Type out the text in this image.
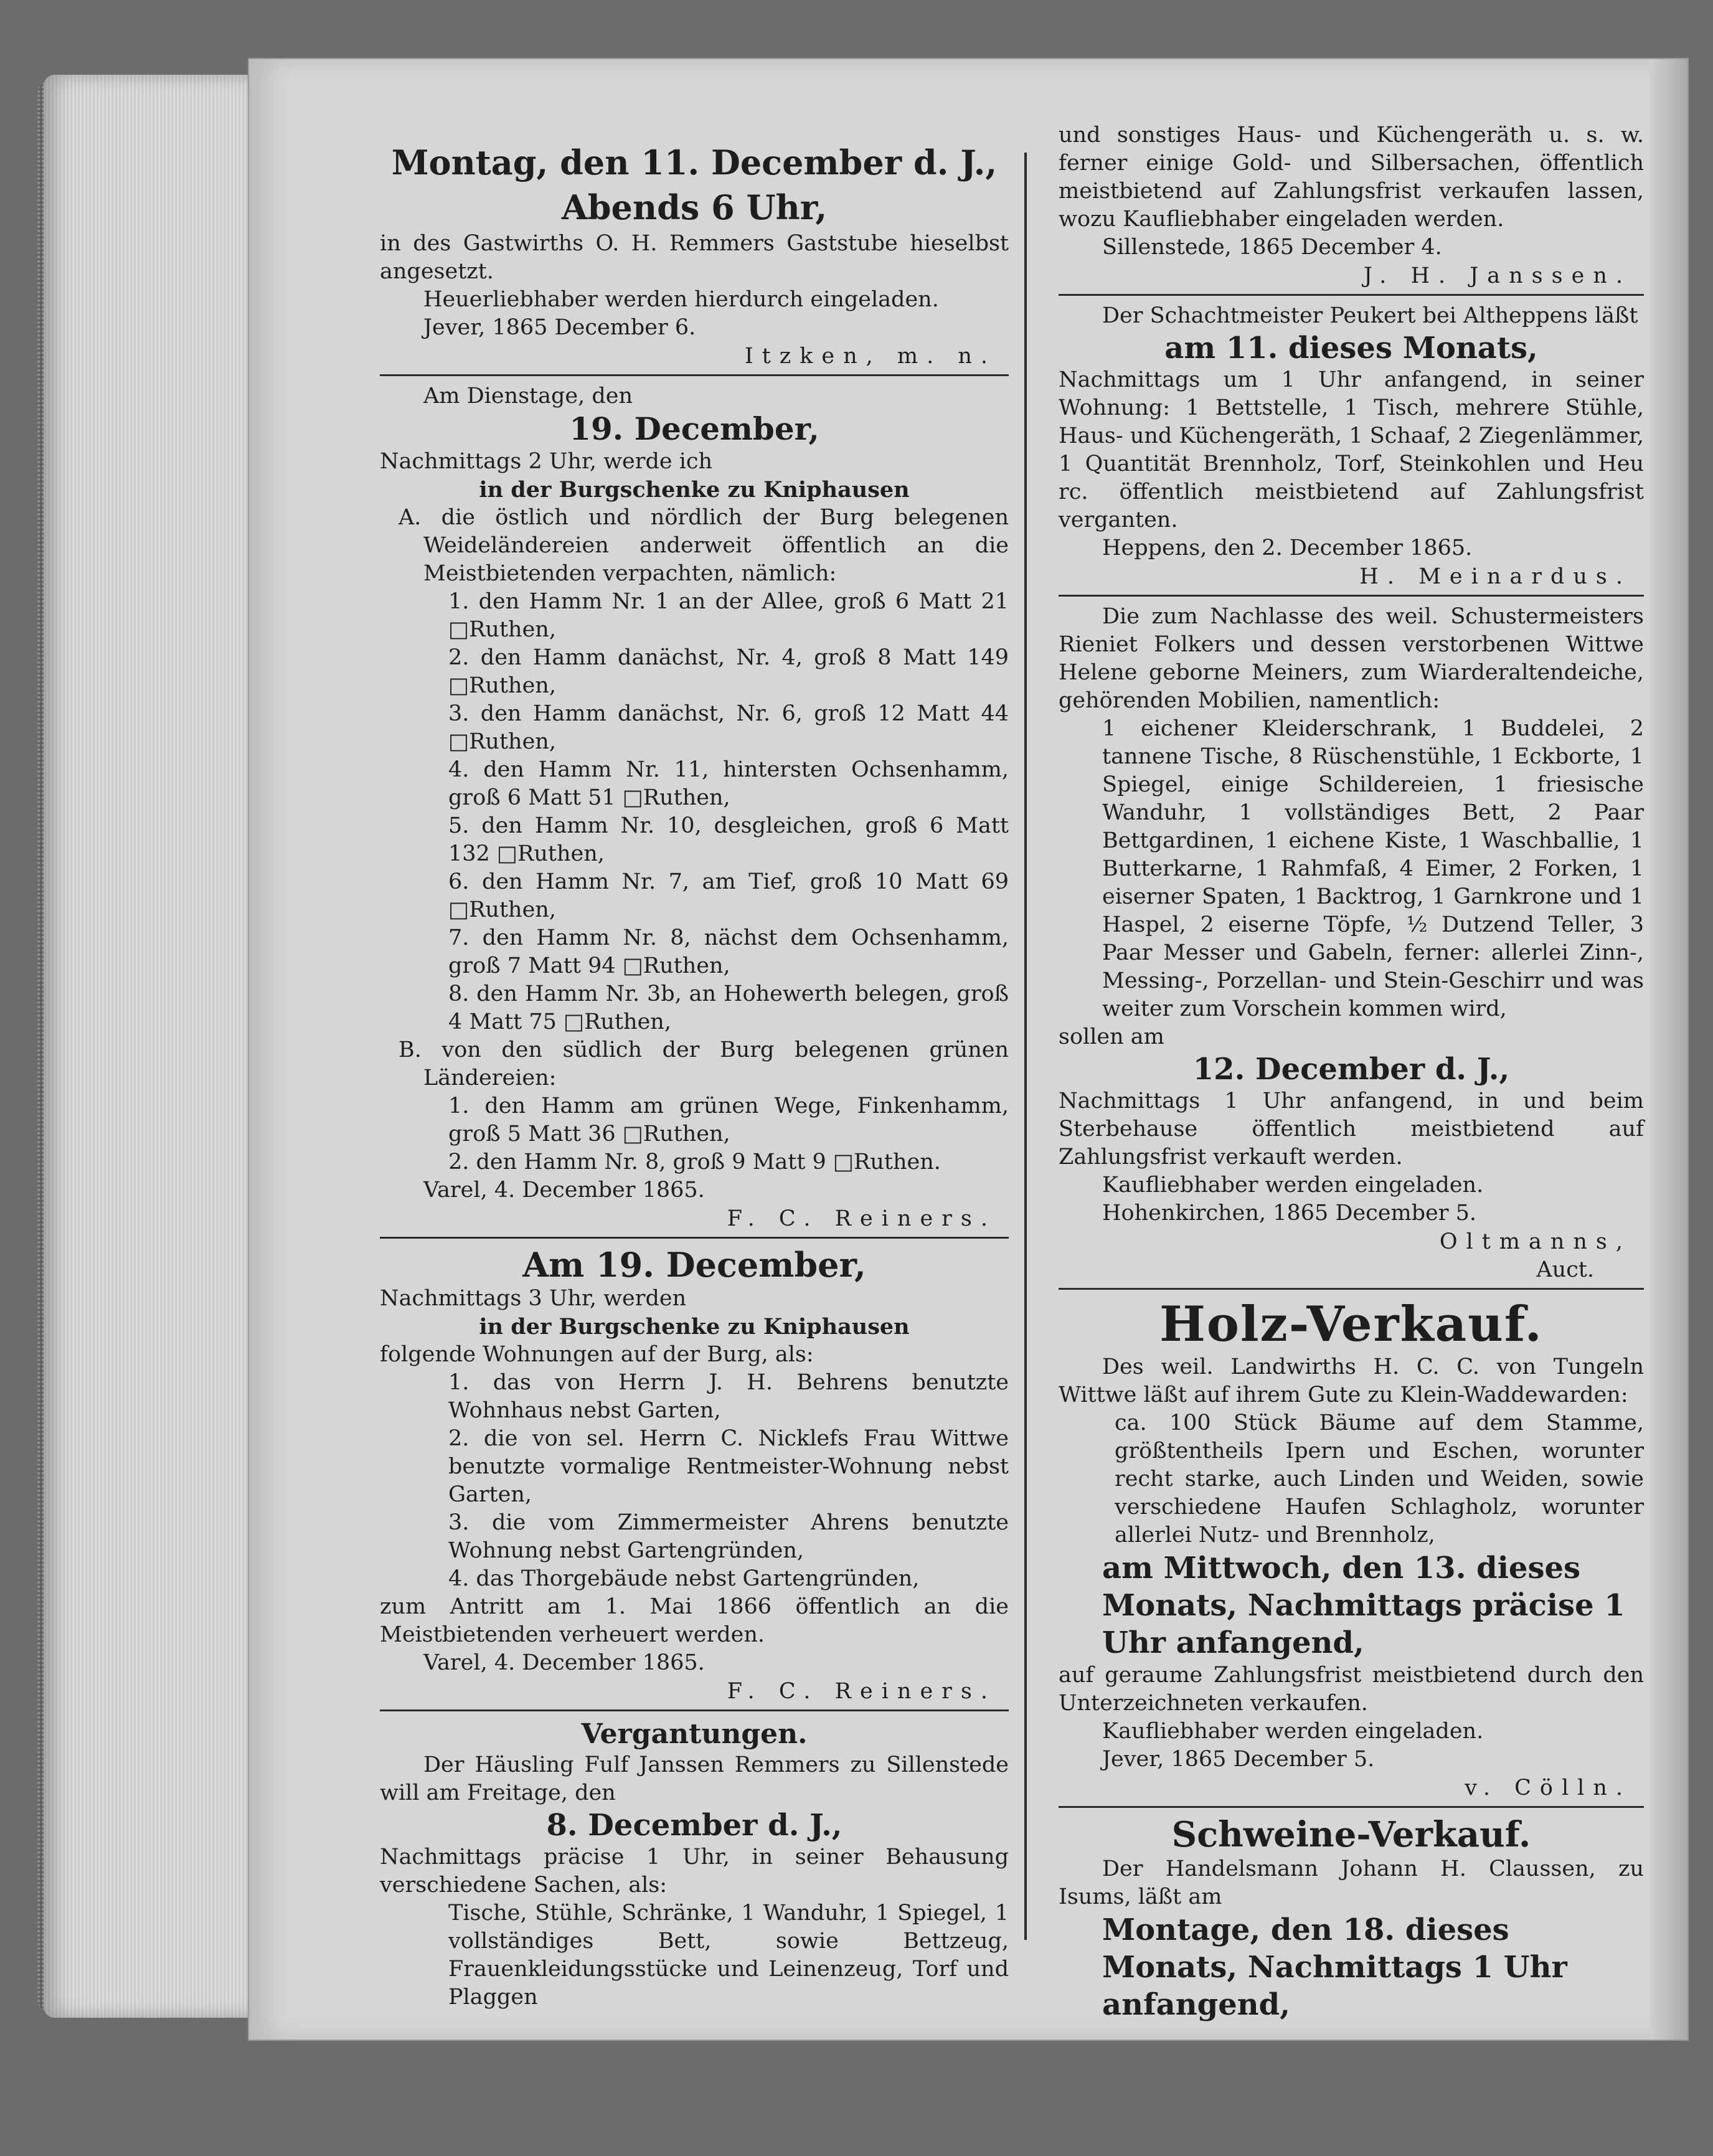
Montag, den 11. December d. J.,

Abends 6 Uhr,

in des Gastwirths O. H. Remmers Gaststube hieselbst angesetzt.

Heuerliebhaber werden hierdurch eingeladen.

Jever, 1865 December 6.

Itzken, m. n.

Am Dienstage, den

19. December,

Nachmittags 2 Uhr, werde ich

in der Burgschenke zu Kniphausen

A. die östlich und nördlich der Burg belegenen Weideländereien anderweit öffentlich an die Meistbietenden verpachten, nämlich:

1. den Hamm Nr. 1 an der Allee, groß 6 Matt 21 □Ruthen,

2. den Hamm danächst, Nr. 4, groß 8 Matt 149 □Ruthen,

3. den Hamm danächst, Nr. 6, groß 12 Matt 44 □Ruthen,

4. den Hamm Nr. 11, hintersten Ochsenhamm, groß 6 Matt 51 □Ruthen,

5. den Hamm Nr. 10, desgleichen, groß 6 Matt 132 □Ruthen,

6. den Hamm Nr. 7, am Tief, groß 10 Matt 69 □Ruthen,

7. den Hamm Nr. 8, nächst dem Ochsenhamm, groß 7 Matt 94 □Ruthen,

8. den Hamm Nr. 3b, an Hohewerth belegen, groß 4 Matt 75 □Ruthen,

B. von den südlich der Burg belegenen grünen Ländereien:

1. den Hamm am grünen Wege, Finkenhamm, groß 5 Matt 36 □Ruthen,

2. den Hamm Nr. 8, groß 9 Matt 9 □Ruthen.

Varel, 4. December 1865.

F. C. Reiners.

Am 19. December,

Nachmittags 3 Uhr, werden

in der Burgschenke zu Kniphausen

folgende Wohnungen auf der Burg, als:

1. das von Herrn J. H. Behrens benutzte Wohnhaus nebst Garten,

2. die von sel. Herrn C. Nicklefs Frau Wittwe benutzte vormalige Rentmeister-Wohnung nebst Garten,

3. die vom Zimmermeister Ahrens benutzte Wohnung nebst Gartengründen,

4. das Thorgebäude nebst Gartengründen,

zum Antritt am 1. Mai 1866 öffentlich an die Meistbietenden verheuert werden.

Varel, 4. December 1865.

F. C. Reiners.

Vergantungen.

Der Häusling Fulf Janssen Remmers zu Sillenstede will am Freitage, den

8. December d. J.,

Nachmittags präcise 1 Uhr, in seiner Behausung verschiedene Sachen, als:

Tische, Stühle, Schränke, 1 Wanduhr, 1 Spiegel, 1 vollständiges Bett, sowie Bettzeug, Frauenkleidungsstücke und Leinenzeug, Torf und Plaggen

und sonstiges Haus- und Küchengeräth u. s. w. ferner einige Gold- und Silbersachen, öffentlich meistbietend auf Zahlungsfrist verkaufen lassen, wozu Kaufliebhaber eingeladen werden.

Sillenstede, 1865 December 4.

J. H. Janssen.

Der Schachtmeister Peukert bei Altheppens läßt

am 11. dieses Monats,

Nachmittags um 1 Uhr anfangend, in seiner Wohnung: 1 Bettstelle, 1 Tisch, mehrere Stühle, Haus- und Küchengeräth, 1 Schaaf, 2 Ziegenlämmer, 1 Quantität Brennholz, Torf, Steinkohlen und Heu rc. öffentlich meistbietend auf Zahlungsfrist verganten.

Heppens, den 2. December 1865.

H. Meinardus.

Die zum Nachlasse des weil. Schustermeisters Rieniet Folkers und dessen verstorbenen Wittwe Helene geborne Meiners, zum Wiarderaltendeiche, gehörenden Mobilien, namentlich:

1 eichener Kleiderschrank, 1 Buddelei, 2 tannene Tische, 8 Rüschenstühle, 1 Eckborte, 1 Spiegel, einige Schildereien, 1 friesische Wanduhr, 1 vollständiges Bett, 2 Paar Bettgardinen, 1 eichene Kiste, 1 Waschballie, 1 Butterkarne, 1 Rahmfaß, 4 Eimer, 2 Forken, 1 eiserner Spaten, 1 Backtrog, 1 Garnkrone und 1 Haspel, 2 eiserne Töpfe, ½ Dutzend Teller, 3 Paar Messer und Gabeln, ferner: allerlei Zinn-, Messing-, Porzellan- und Stein-Geschirr und was weiter zum Vorschein kommen wird,

sollen am

12. December d. J.,

Nachmittags 1 Uhr anfangend, in und beim Sterbehause öffentlich meistbietend auf Zahlungsfrist verkauft werden.

Kaufliebhaber werden eingeladen.

Hohenkirchen, 1865 December 5.

Oltmanns,

Auct.

Holz-Verkauf.

Des weil. Landwirths H. C. C. von Tungeln Wittwe läßt auf ihrem Gute zu Klein-Waddewarden:

ca. 100 Stück Bäume auf dem Stamme, größtentheils Ipern und Eschen, worunter recht starke, auch Linden und Weiden, sowie verschiedene Haufen Schlagholz, worunter allerlei Nutz- und Brennholz,

am Mittwoch, den 13. dieses Monats, Nachmittags präcise 1 Uhr anfangend,

auf geraume Zahlungsfrist meistbietend durch den Unterzeichneten verkaufen.

Kaufliebhaber werden eingeladen.

Jever, 1865 December 5.

v. Cölln.

Schweine-Verkauf.

Der Handelsmann Johann H. Claussen, zu Isums, läßt am

Montage, den 18. dieses Monats, Nachmittags 1 Uhr anfangend,
